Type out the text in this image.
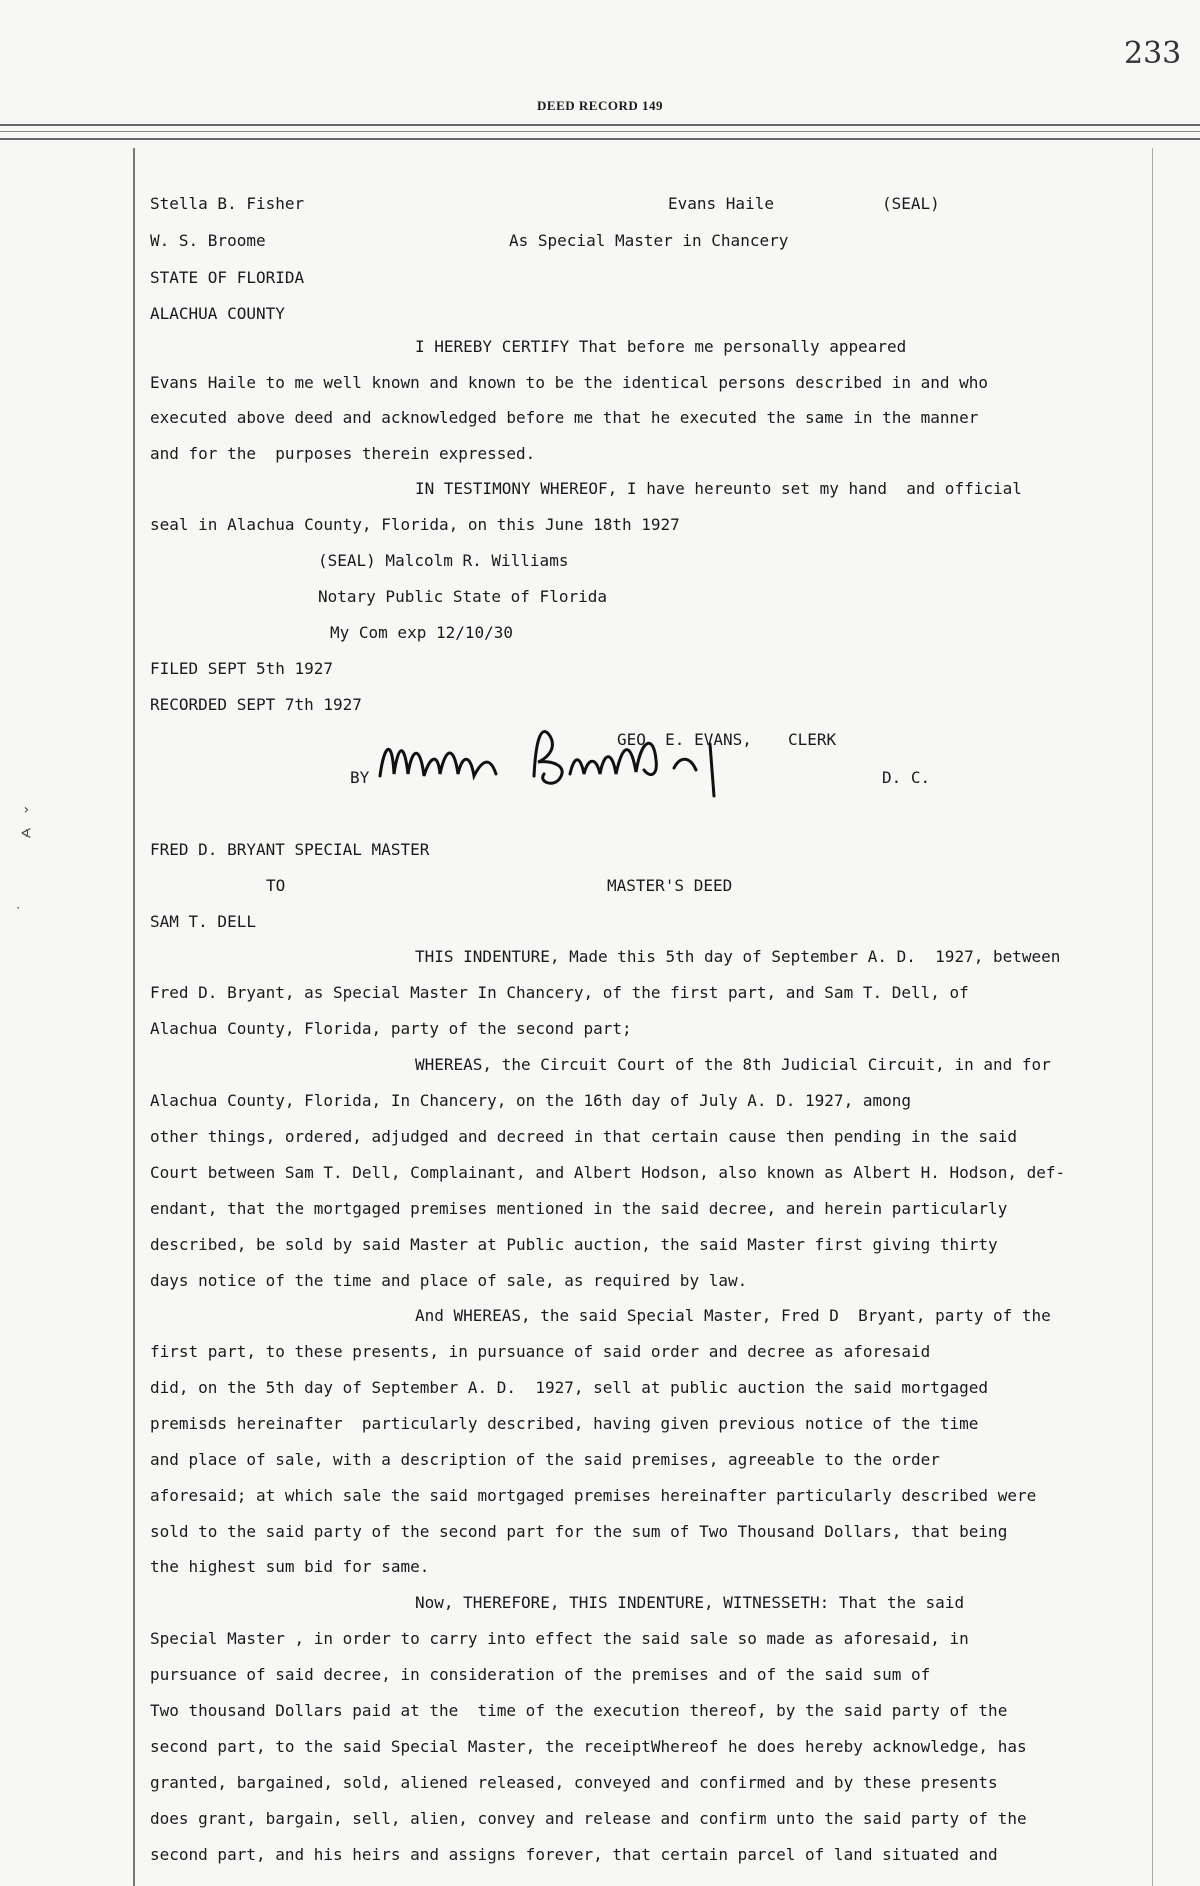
233
DEED RECORD 149
›
∢
˙
Stella B. Fisher	Evans Haile	(SEAL)
W. S. Broome	As Special Master in Chancery
STATE OF FLORIDA
ALACHUA COUNTY
I HEREBY CERTIFY That before me personally appeared
Evans Haile to me well known and known to be the identical persons described in and who
executed above deed and acknowledged before me that he executed the same in the manner
and for the  purposes therein expressed.
IN TESTIMONY WHEREOF, I have hereunto set my hand  and official
seal in Alachua County, Florida, on this June 18th 1927
(SEAL) Malcolm R. Williams
Notary Public State of Florida
My Com exp 12/10/30
FILED SEPT 5th 1927
RECORDED SEPT 7th 1927
GEO. E. EVANS, CLERK
BY	D. C.
FRED D. BRYANT SPECIAL MASTER
TO	MASTER'S DEED
SAM T. DELL
THIS INDENTURE, Made this 5th day of September A. D.  1927, between
Fred D. Bryant, as Special Master In Chancery, of the first part, and Sam T. Dell, of
Alachua County, Florida, party of the second part;
WHEREAS, the Circuit Court of the 8th Judicial Circuit, in and for
Alachua County, Florida, In Chancery, on the 16th day of July A. D. 1927, among
other things, ordered, adjudged and decreed in that certain cause then pending in the said
Court between Sam T. Dell, Complainant, and Albert Hodson, also known as Albert H. Hodson, def-
endant, that the mortgaged premises mentioned in the said decree, and herein particularly
described, be sold by said Master at Public auction, the said Master first giving thirty
days notice of the time and place of sale, as required by law.
And WHEREAS, the said Special Master, Fred D  Bryant, party of the
first part, to these presents, in pursuance of said order and decree as aforesaid
did, on the 5th day of September A. D.  1927, sell at public auction the said mortgaged
premisds hereinafter  particularly described, having given previous notice of the time
and place of sale, with a description of the said premises, agreeable to the order
aforesaid; at which sale the said mortgaged premises hereinafter particularly described were
sold to the said party of the second part for the sum of Two Thousand Dollars, that being
the highest sum bid for same.
Now, THEREFORE, THIS INDENTURE, WITNESSETH: That the said
Special Master , in order to carry into effect the said sale so made as aforesaid, in
pursuance of said decree, in consideration of the premises and of the said sum of
Two thousand Dollars paid at the  time of the execution thereof, by the said party of the
second part, to the said Special Master, the receiptWhereof he does hereby acknowledge, has
granted, bargained, sold, aliened released, conveyed and confirmed and by these presents
does grant, bargain, sell, alien, convey and release and confirm unto the said party of the
second part, and his heirs and assigns forever, that certain parcel of land situated and
